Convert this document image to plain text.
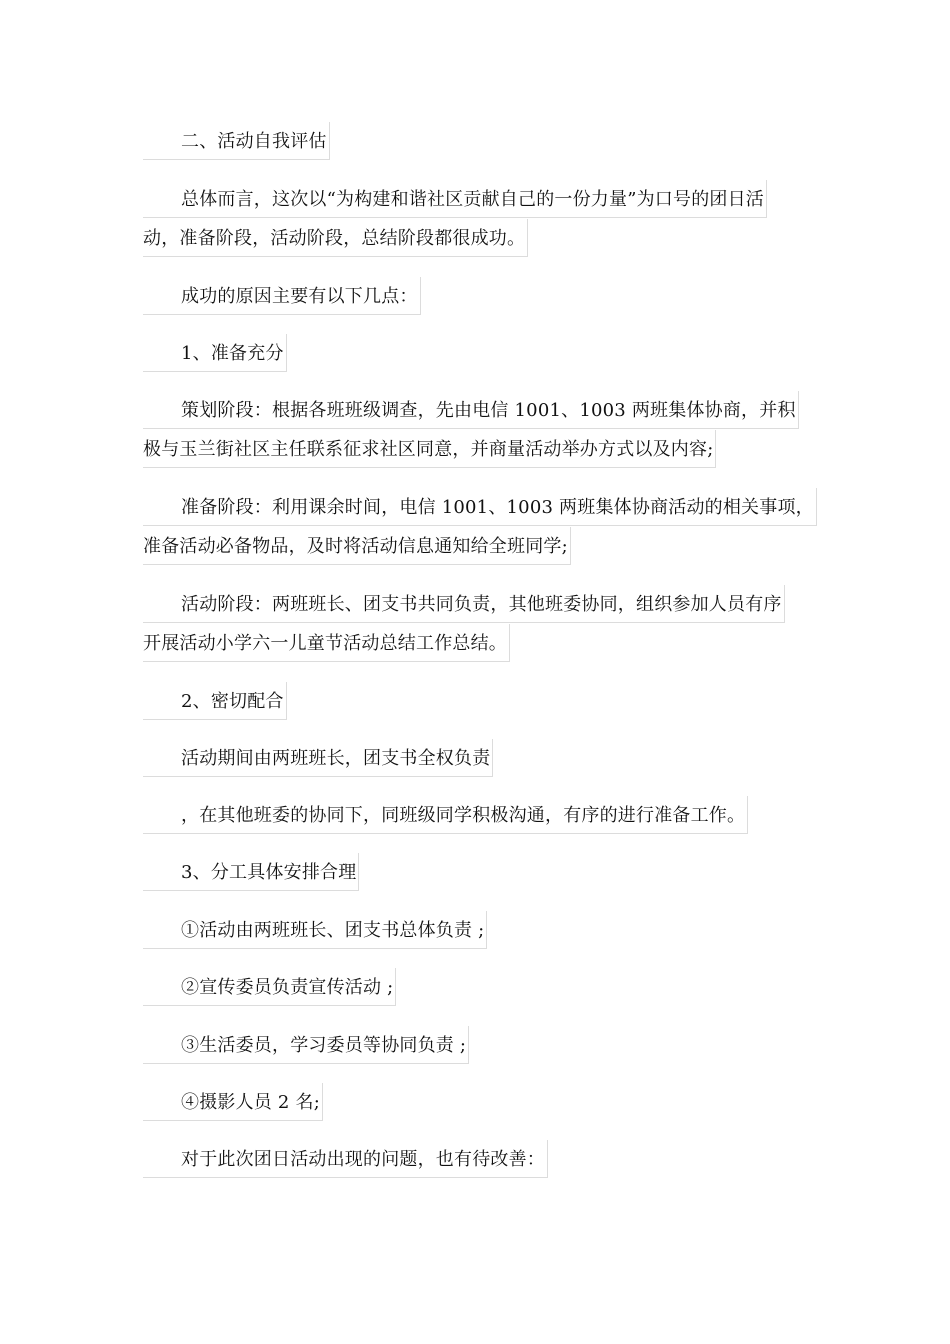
二、活动自我评估
总体而言，这次以“为构建和谐社区贡献自己的一份力量”为口号的团日活
动，准备阶段，活动阶段，总结阶段都很成功。
成功的原因主要有以下几点：
1、准备充分
策划阶段：根据各班班级调查，先由电信 1001、1003 两班集体协商，并积
极与玉兰街社区主任联系征求社区同意，并商量活动举办方式以及内容;
准备阶段：利用课余时间，电信 1001、1003 两班集体协商活动的相关事项，
准备活动必备物品，及时将活动信息通知给全班同学;
活动阶段：两班班长、团支书共同负责，其他班委协同，组织参加人员有序
开展活动小学六一儿童节活动总结工作总结。
2、密切配合
活动期间由两班班长，团支书全权负责
，在其他班委的协同下，同班级同学积极沟通，有序的进行准备工作。
3、分工具体安排合理
①活动由两班班长、团支书总体负责 ;
②宣传委员负责宣传活动 ;
③生活委员，学习委员等协同负责 ;
④摄影人员 2 名;
对于此次团日活动出现的问题，也有待改善：
